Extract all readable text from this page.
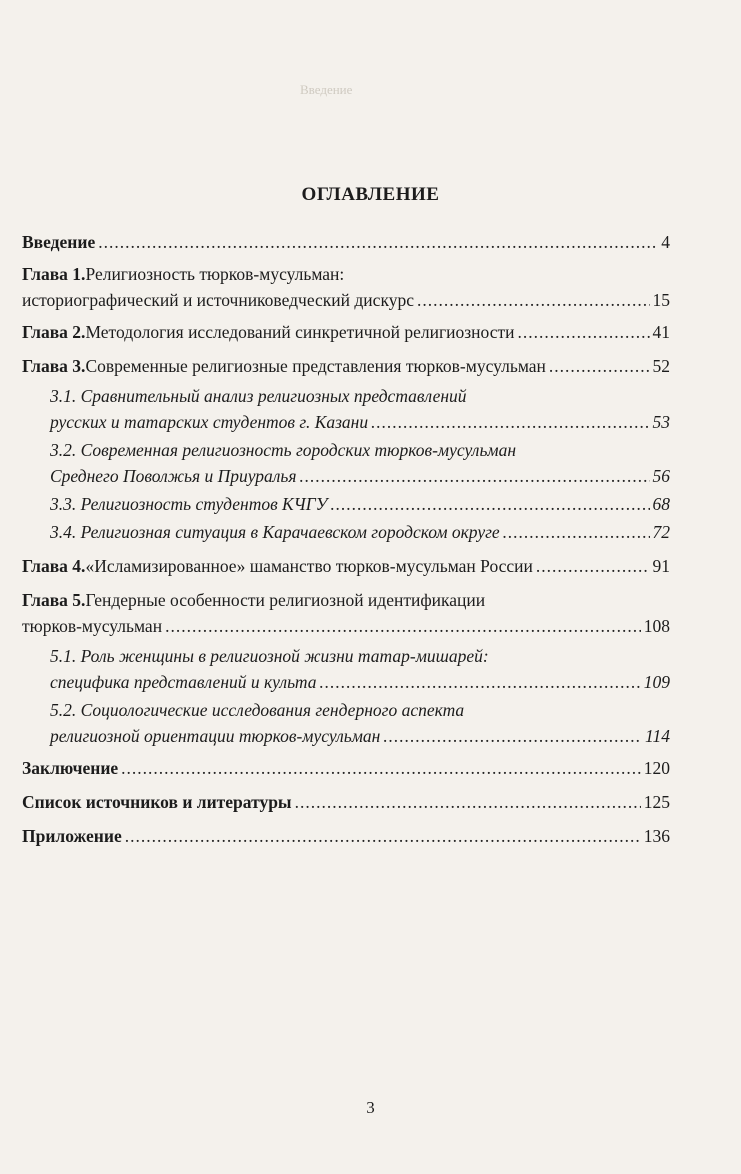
Введение
ОГЛАВЛЕНИЕ
Введение .....	4
Глава 1. Религиозность тюрков-мусульман:
историографический и источниковедческий дискурс .....	15
Глава 2. Методология исследований синкретичной религиозности .....	41
Глава 3. Современные религиозные представления тюрков-мусульман .....	52
3.1. Сравнительный анализ религиозных представлений
русских и татарских студентов г. Казани .....	53
3.2. Современная религиозность городских тюрков-мусульман
Среднего Поволжья и Приуралья .....	56
3.3. Религиозность студентов КЧГУ .....	68
3.4. Религиозная ситуация в Карачаевском городском округе .....	72
Глава 4. «Исламизированное» шаманство тюрков-мусульман России .....	91
Глава 5. Гендерные особенности религиозной идентификации
тюрков-мусульман .....	108
5.1. Роль женщины в религиозной жизни татар-мишарей:
специфика представлений и культа .....	109
5.2. Социологические исследования гендерного аспекта
религиозной ориентации тюрков-мусульман .....	114
Заключение .....	120
Список источников и литературы .....	125
Приложение .....	136
3
